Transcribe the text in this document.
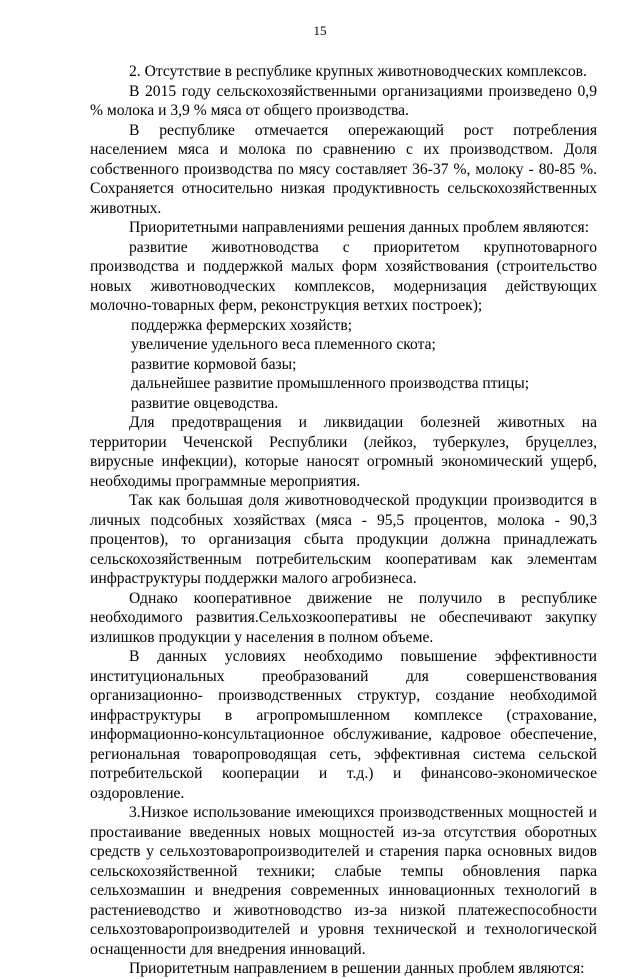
15

2. Отсутствие в республике крупных животноводческих комплексов.

В 2015 году сельскохозяйственными организациями произведено 0,9 % молока и 3,9 % мяса от общего производства.

В республике отмечается опережающий рост потребления населением мяса и молока по сравнению с их производством. Доля собственного производства по мясу составляет 36-37 %, молоку - 80-85 %. Сохраняется относительно низкая продуктивность сельскохозяйственных животных.

Приоритетными направлениями решения данных проблем являются:

развитие животноводства с приоритетом крупнотоварного производства и поддержкой малых форм хозяйствования (строительство новых животноводческих комплексов, модернизация действующих молочно-товарных ферм, реконструкция ветхих построек);

поддержка фермерских хозяйств;
увеличение удельного веса племенного скота;
развитие кормовой базы;
дальнейшее развитие промышленного производства птицы;
развитие овцеводства.

Для предотвращения и ликвидации болезней животных на территории Чеченской Республики (лейкоз, туберкулез, бруцеллез, вирусные инфекции), которые наносят огромный экономический ущерб, необходимы программные мероприятия.

Так как большая доля животноводческой продукции производится в личных подсобных хозяйствах (мяса - 95,5 процентов, молока - 90,3 процентов), то организация сбыта продукции должна принадлежать сельскохозяйственным потребительским кооперативам как элементам инфраструктуры поддержки малого агробизнеса.

Однако кооперативное движение не получило в республике необходимого развития.Сельхозкооперативы не обеспечивают закупку излишков продукции у населения в полном объеме.

В данных условиях необходимо повышение эффективности институциональных преобразований для совершенствования организационно- производственных структур, создание необходимой инфраструктуры в агропромышленном комплексе (страхование, информационно-консультационное обслуживание, кадровое обеспечение, региональная товаропроводящая сеть, эффективная система сельской потребительской кооперации и т.д.) и финансово-экономическое оздоровление.

3.Низкое использование имеющихся производственных мощностей и простаивание введенных новых мощностей из-за отсутствия оборотных средств у сельхозтоваропроизводителей и старения парка основных видов сельскохозяйственной техники; слабые темпы обновления парка сельхозмашин и внедрения современных инновационных технологий в растениеводство и животноводство из-за низкой платежеспособности сельхозтоваропроизводителей и уровня технической и технологической оснащенности для внедрения инноваций.

Приоритетным направлением в решении данных проблем являются:
